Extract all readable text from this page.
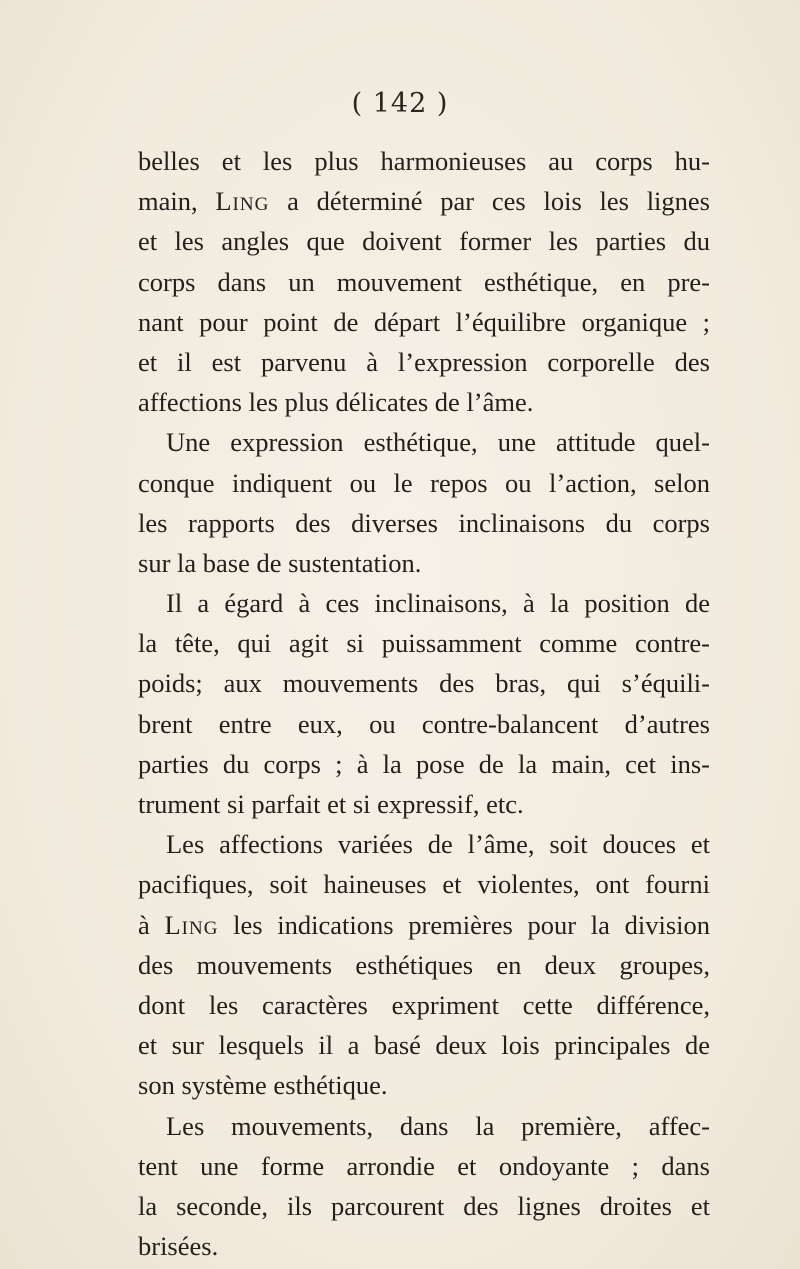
( 142 )
belles et les plus harmonieuses au corps hu-
main, Ling a déterminé par ces lois les lignes
et les angles que doivent former les parties du
corps dans un mouvement esthétique, en pre-
nant pour point de départ l’équilibre organique ;
et il est parvenu à l’expression corporelle des
affections les plus délicates de l’âme.
Une expression esthétique, une attitude quel-
conque indiquent ou le repos ou l’action, selon
les rapports des diverses inclinaisons du corps
sur la base de sustentation.
Il a égard à ces inclinaisons, à la position de
la tête, qui agit si puissamment comme contre-
poids; aux mouvements des bras, qui s’équili-
brent entre eux, ou contre-balancent d’autres
parties du corps ; à la pose de la main, cet ins-
trument si parfait et si expressif, etc.
Les affections variées de l’âme, soit douces et
pacifiques, soit haineuses et violentes, ont fourni
à Ling les indications premières pour la division
des mouvements esthétiques en deux groupes,
dont les caractères expriment cette différence,
et sur lesquels il a basé deux lois principales de
son système esthétique.
Les mouvements, dans la première, affec-
tent une forme arrondie et ondoyante ; dans
la seconde, ils parcourent des lignes droites et
brisées.
